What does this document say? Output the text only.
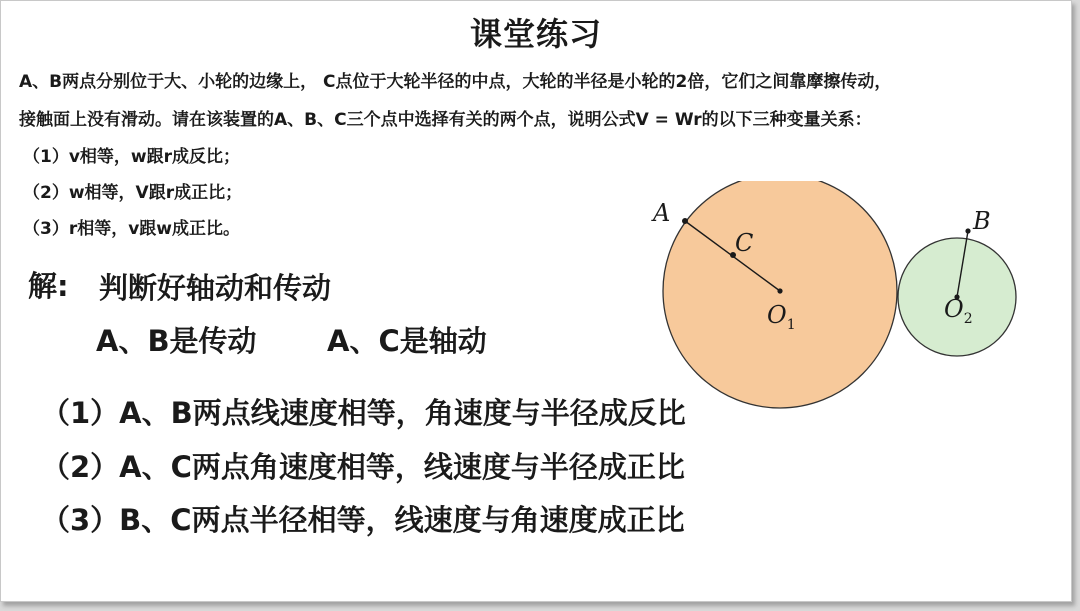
课堂练习
A、B两点分别位于大、小轮的边缘上， C点位于大轮半径的中点，大轮的半径是小轮的2倍，它们之间靠摩擦传动，
接触面上没有滑动。请在该装置的A、B、C三个点中选择有关的两个点，说明公式V = Wr的以下三种变量关系：
（1）v相等，w跟r成反比；
（2）w相等，V跟r成正比；
（3）r相等，v跟w成正比。
解: 判断好轴动和传动
A、B是传动 A、C是轴动
（1）A、B两点线速度相等，角速度与半径成反比
（2）A、C两点角速度相等，线速度与半径成正比
（3）B、C两点半径相等，线速度与角速度成正比
A
C
B
$O_1$
$O_2$
